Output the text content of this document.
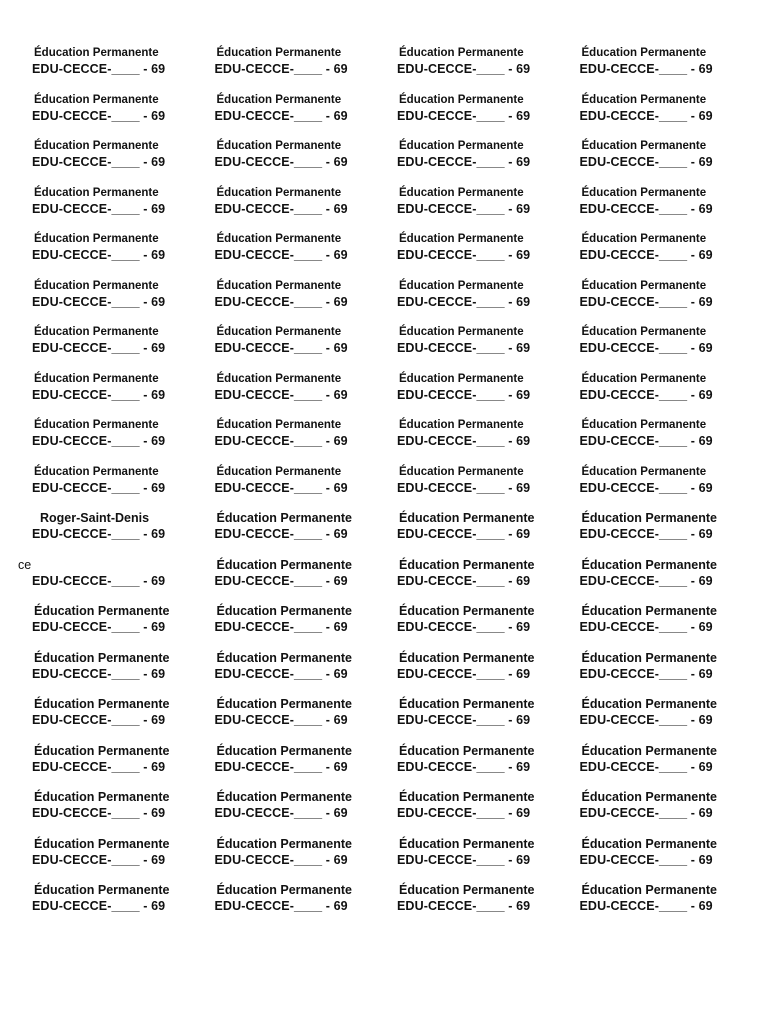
Éducation Permanente
EDU-CECCE-____ - 69
Éducation Permanente
EDU-CECCE-____ - 69
Éducation Permanente
EDU-CECCE-____ - 69
Éducation Permanente
EDU-CECCE-____ - 69
Éducation Permanente
EDU-CECCE-____ - 69
Éducation Permanente
EDU-CECCE-____ - 69
Éducation Permanente
EDU-CECCE-____ - 69
Éducation Permanente
EDU-CECCE-____ - 69
Éducation Permanente
EDU-CECCE-____ - 69
Éducation Permanente
EDU-CECCE-____ - 69
Éducation Permanente
EDU-CECCE-____ - 69
Éducation Permanente
EDU-CECCE-____ - 69
Éducation Permanente
EDU-CECCE-____ - 69
Éducation Permanente
EDU-CECCE-____ - 69
Éducation Permanente
EDU-CECCE-____ - 69
Éducation Permanente
EDU-CECCE-____ - 69
Éducation Permanente
EDU-CECCE-____ - 69
Éducation Permanente
EDU-CECCE-____ - 69
Éducation Permanente
EDU-CECCE-____ - 69
Éducation Permanente
EDU-CECCE-____ - 69
Éducation Permanente
EDU-CECCE-____ - 69
Éducation Permanente
EDU-CECCE-____ - 69
Éducation Permanente
EDU-CECCE-____ - 69
Éducation Permanente
EDU-CECCE-____ - 69
Éducation Permanente
EDU-CECCE-____ - 69
Éducation Permanente
EDU-CECCE-____ - 69
Éducation Permanente
EDU-CECCE-____ - 69
Éducation Permanente
EDU-CECCE-____ - 69
Éducation Permanente
EDU-CECCE-____ - 69
Éducation Permanente
EDU-CECCE-____ - 69
Éducation Permanente
EDU-CECCE-____ - 69
Éducation Permanente
EDU-CECCE-____ - 69
Éducation Permanente
EDU-CECCE-____ - 69
Éducation Permanente
EDU-CECCE-____ - 69
Éducation Permanente
EDU-CECCE-____ - 69
Éducation Permanente
EDU-CECCE-____ - 69
Éducation Permanente
EDU-CECCE-____ - 69
Éducation Permanente
EDU-CECCE-____ - 69
Éducation Permanente
EDU-CECCE-____ - 69
Éducation Permanente
EDU-CECCE-____ - 69
Roger-Saint-Denis
EDU-CECCE-____ - 69
Éducation Permanente
EDU-CECCE-____ - 69
Éducation Permanente
EDU-CECCE-____ - 69
Éducation Permanente
EDU-CECCE-____ - 69
ce
EDU-CECCE-____ - 69
Éducation Permanente
EDU-CECCE-____ - 69
Éducation Permanente
EDU-CECCE-____ - 69
Éducation Permanente
EDU-CECCE-____ - 69
Éducation Permanente
EDU-CECCE-____ - 69
Éducation Permanente
EDU-CECCE-____ - 69
Éducation Permanente
EDU-CECCE-____ - 69
Éducation Permanente
EDU-CECCE-____ - 69
Éducation Permanente
EDU-CECCE-____ - 69
Éducation Permanente
EDU-CECCE-____ - 69
Éducation Permanente
EDU-CECCE-____ - 69
Éducation Permanente
EDU-CECCE-____ - 69
Éducation Permanente
EDU-CECCE-____ - 69
Éducation Permanente
EDU-CECCE-____ - 69
Éducation Permanente
EDU-CECCE-____ - 69
Éducation Permanente
EDU-CECCE-____ - 69
Éducation Permanente
EDU-CECCE-____ - 69
Éducation Permanente
EDU-CECCE-____ - 69
Éducation Permanente
EDU-CECCE-____ - 69
Éducation Permanente
EDU-CECCE-____ - 69
Éducation Permanente
EDU-CECCE-____ - 69
Éducation Permanente
EDU-CECCE-____ - 69
Éducation Permanente
EDU-CECCE-____ - 69
Éducation Permanente
EDU-CECCE-____ - 69
Éducation Permanente
EDU-CECCE-____ - 69
Éducation Permanente
EDU-CECCE-____ - 69
Éducation Permanente
EDU-CECCE-____ - 69
Éducation Permanente
EDU-CECCE-____ - 69
Éducation Permanente
EDU-CECCE-____ - 69
Éducation Permanente
EDU-CECCE-____ - 69
Éducation Permanente
EDU-CECCE-____ - 69
Éducation Permanente
EDU-CECCE-____ - 69
